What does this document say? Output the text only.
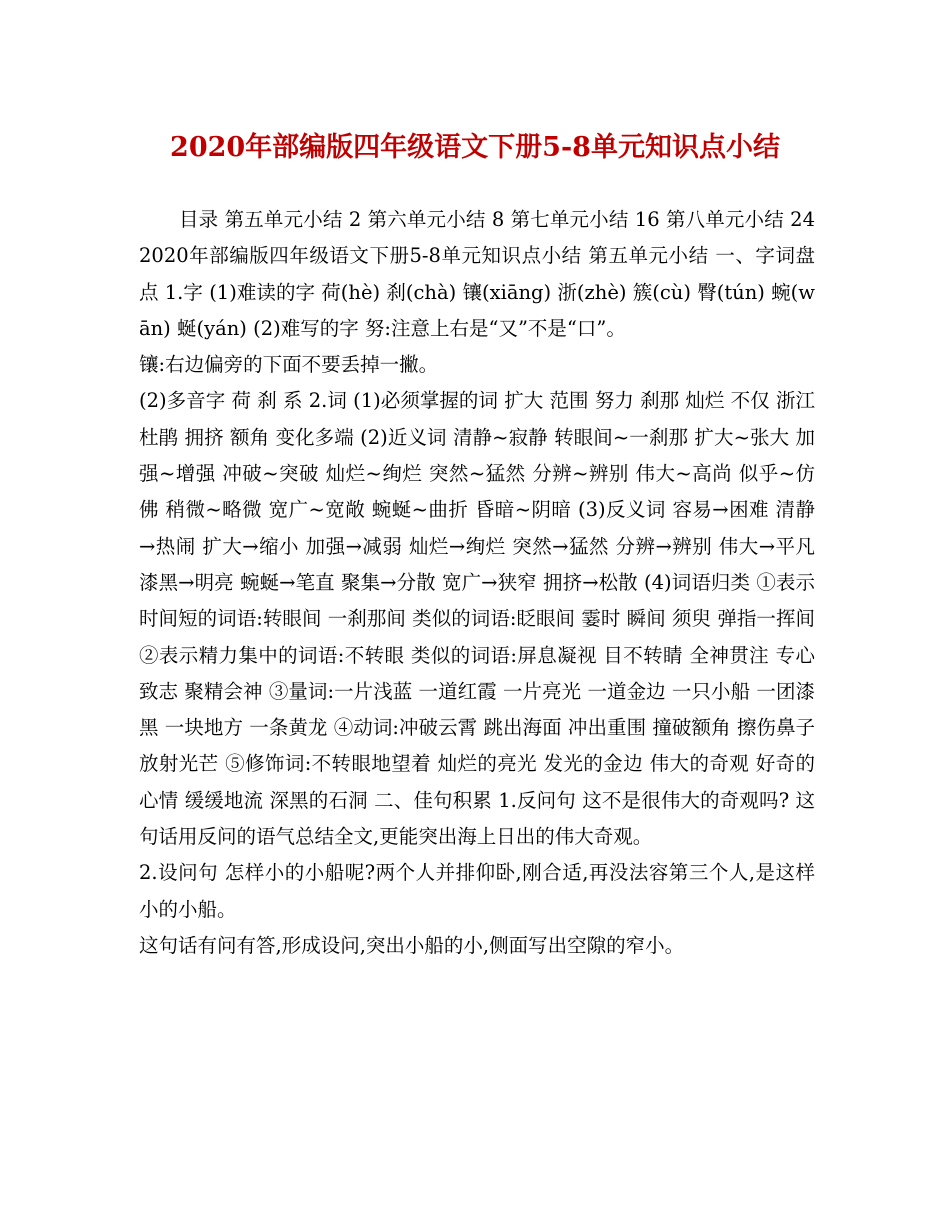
2020年部编版四年级语文下册5-8单元知识点小结

目录 第五单元小结 2 第六单元小结 8 第七单元小结 16 第八单元小结 24 2020年部编版四年级语文下册5-8单元知识点小结 第五单元小结 一、字词盘点 1.字 (1)难读的字 荷(hè) 刹(chà) 镶(xiāng) 浙(zhè) 簇(cù) 臀(tún) 蜿(wān) 蜒(yán) (2)难写的字 努:注意上右是“又”不是“口”。

镶:右边偏旁的下面不要丢掉一撇。

(2)多音字 荷 刹 系 2.词 (1)必须掌握的词 扩大 范围 努力 刹那 灿烂 不仅 浙江 杜鹃 拥挤 额角 变化多端 (2)近义词 清静~寂静 转眼间~一刹那 扩大~张大 加强~增强 冲破~突破 灿烂~绚烂 突然~猛然 分辨~辨别 伟大~高尚 似乎~仿佛 稍微~略微 宽广~宽敞 蜿蜒~曲折 昏暗~阴暗 (3)反义词 容易→困难 清静→热闹 扩大→缩小 加强→减弱 灿烂→绚烂 突然→猛然 分辨→辨别 伟大→平凡 漆黑→明亮 蜿蜒→笔直 聚集→分散 宽广→狭窄 拥挤→松散 (4)词语归类 ①表示时间短的词语:转眼间 一刹那间 类似的词语:眨眼间 霎时 瞬间 须臾 弹指一挥间 ②表示精力集中的词语:不转眼 类似的词语:屏息凝视 目不转睛 全神贯注 专心致志 聚精会神 ③量词:一片浅蓝 一道红霞 一片亮光 一道金边 一只小船 一团漆黑 一块地方 一条黄龙 ④动词:冲破云霄 跳出海面 冲出重围 撞破额角 擦伤鼻子 放射光芒 ⑤修饰词:不转眼地望着 灿烂的亮光 发光的金边 伟大的奇观 好奇的心情 缓缓地流 深黑的石洞 二、佳句积累 1.反问句 这不是很伟大的奇观吗? 这句话用反问的语气总结全文,更能突出海上日出的伟大奇观。

2.设问句 怎样小的小船呢?两个人并排仰卧,刚合适,再没法容第三个人,是这样小的小船。

这句话有问有答,形成设问,突出小船的小,侧面写出空隙的窄小。
